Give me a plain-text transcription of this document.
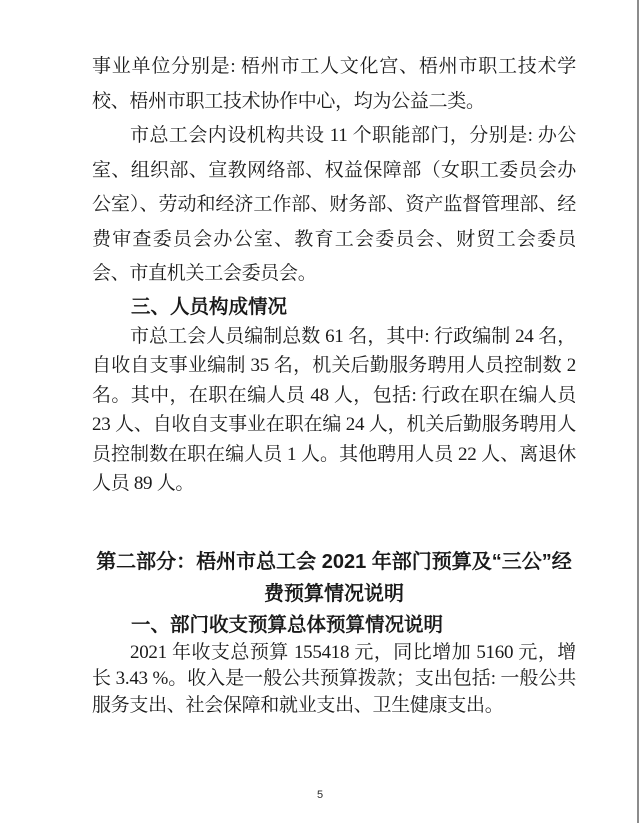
事业单位分别是: 梧州市工人文化宫、梧州市职工技术学校、梧州市职工技术协作中心，均为公益二类。

市总工会内设机构共设 11 个职能部门，分别是: 办公室、组织部、宣教网络部、权益保障部（女职工委员会办公室）、劳动和经济工作部、财务部、资产监督管理部、经费审查委员会办公室、教育工会委员会、财贸工会委员会、市直机关工会委员会。

三、人员构成情况

市总工会人员编制总数 61 名，其中: 行政编制 24 名，自收自支事业编制 35 名，机关后勤服务聘用人员控制数 2 名。其中，在职在编人员 48 人，包括: 行政在职在编人员 23 人、自收自支事业在职在编 24 人，机关后勤服务聘用人员控制数在职在编人员 1 人。其他聘用人员 22 人、离退休人员 89 人。

第二部分：梧州市总工会 2021 年部门预算及“三公”经
费预算情况说明
一、部门收支预算总体预算情况说明

2021 年收支总预算 155418 元，同比增加 5160 元，增长 3.43 %。收入是一般公共预算拨款；支出包括: 一般公共服务支出、社会保障和就业支出、卫生健康支出。

5
